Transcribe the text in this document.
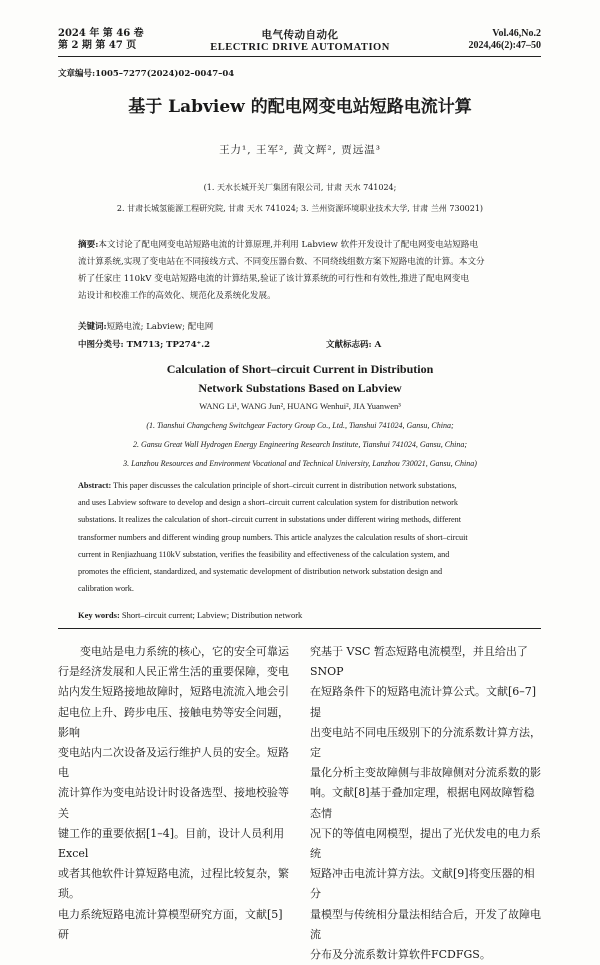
2024 年 第 46 卷
第 2 期 第 47 页
电气传动自动化
ELECTRIC DRIVE AUTOMATION
Vol.46,No.2
2024,46(2):47–50
文章编号:1005–7277(2024)02–0047–04
基于 Labview 的配电网变电站短路电流计算
王力¹, 王军², 黄文辉², 贾远温³
(1. 天水长城开关厂集团有限公司, 甘肃 天水 741024;
2. 甘肃长城氢能源工程研究院, 甘肃 天水 741024; 3. 兰州资源环境职业技术大学, 甘肃 兰州 730021)
摘要:本文讨论了配电网变电站短路电流的计算原理,并利用 Labview 软件开发设计了配电网变电站短路电
流计算系统,实现了变电站在不同接线方式、不同变压器台数、不同绕线组数方案下短路电流的计算。本文分
析了任家庄 110kV 变电站短路电流的计算结果,验证了该计算系统的可行性和有效性,推进了配电网变电
站设计和校准工作的高效化、规范化及系统化发展。
关键词:短路电流; Labview; 配电网
中图分类号: TM713; TP274⁺.2	文献标志码: A
Calculation of Short–circuit Current in Distribution
Network Substations Based on Labview
WANG Li¹, WANG Jun², HUANG Wenhui², JIA Yuanwen³
(1. Tianshui Changcheng Switchgear Factory Group Co., Ltd., Tianshui 741024, Gansu, China;
2. Gansu Great Wall Hydrogen Energy Engineering Research Institute, Tianshui 741024, Gansu, China;
3. Lanzhou Resources and Environment Vocational and Technical University, Lanzhou 730021, Gansu, China)
Abstract: This paper discusses the calculation principle of short–circuit current in distribution network substations,
and uses Labview software to develop and design a short–circuit current calculation system for distribution network
substations. It realizes the calculation of short–circuit current in substations under different wiring methods, different
transformer numbers and different winding group numbers. This article analyzes the calculation results of short–circuit
current in Renjiazhuang 110kV substation, verifies the feasibility and effectiveness of the calculation system, and
promotes the efficient, standardized, and systematic development of distribution network substation design and
calibration work.
Key words: Short–circuit current; Labview; Distribution network
变电站是电力系统的核心，它的安全可靠运
行是经济发展和人民正常生活的重要保障，变电
站内发生短路接地故障时，短路电流流入地会引
起电位上升、跨步电压、接触电势等安全问题，影响
变电站内二次设备及运行维护人员的安全。短路电
流计算作为变电站设计时设备选型、接地校验等关
键工作的重要依据[1–4]。目前，设计人员利用 Excel
或者其他软件计算短路电流，过程比较复杂，繁琐。
电力系统短路电流计算模型研究方面，文献[5]研
究基于 VSC 暂态短路电流模型，并且给出了 SNOP
在短路条件下的短路电流计算公式。文献[6–7]提
出变电站不同电压级别下的分流系数计算方法，定
量化分析主变故障侧与非故障侧对分流系数的影
响。文献[8]基于叠加定理，根据电网故障暂稳态情
况下的等值电网模型，提出了光伏发电的电力系统
短路冲击电流计算方法。文献[9]将变压器的相分
量模型与传统相分量法相结合后，开发了故障电流
分布及分流系数计算软件FCDFGS。
